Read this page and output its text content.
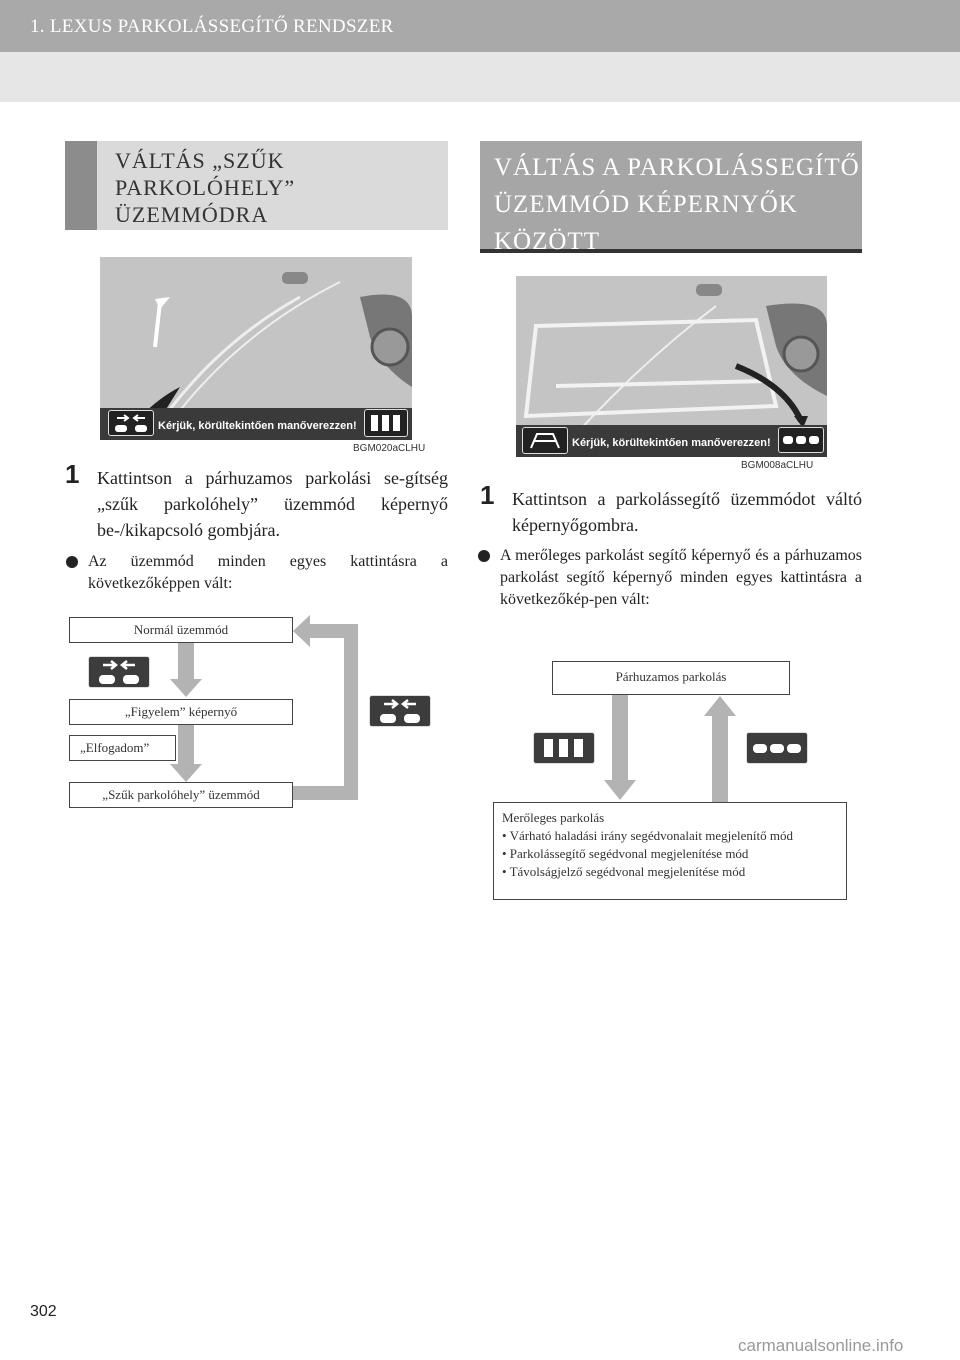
1. LEXUS PARKOLÁSSEGÍTŐ RENDSZER
VÁLTÁS „SZŰK
PARKOLÓHELY”
ÜZEMMÓDRA
Kérjük, körültekintően manőverezzen!
BGM020aCLHU
1 Kattintson a párhuzamos parkolási se-gítség „szűk parkolóhely” üzemmód képernyő be-/kikapcsoló gombjára.
Az üzemmód minden egyes kattintásra a következőképpen vált:
Normál üzemmód
„Figyelem” képernyő
„Elfogadom”
„Szűk parkolóhely” üzemmód
VÁLTÁS A PARKOLÁSSEGÍTŐ
ÜZEMMÓD KÉPERNYŐK
KÖZÖTT
Kérjük, körültekintően manőverezzen!
BGM008aCLHU
1 Kattintson a parkolássegítő üzemmódot váltó képernyőgombra.
A merőleges parkolást segítő képernyő és a párhuzamos parkolást segítő képernyő minden egyes kattintásra a következőkép-pen vált:
Párhuzamos parkolás
Merőleges parkolás
• Várható haladási irány segédvonalait megjelenítő mód
• Parkolássegítő segédvonal megjelenítése mód
• Távolságjelző segédvonal megjelenítése mód
302
carmanualsonline.info
